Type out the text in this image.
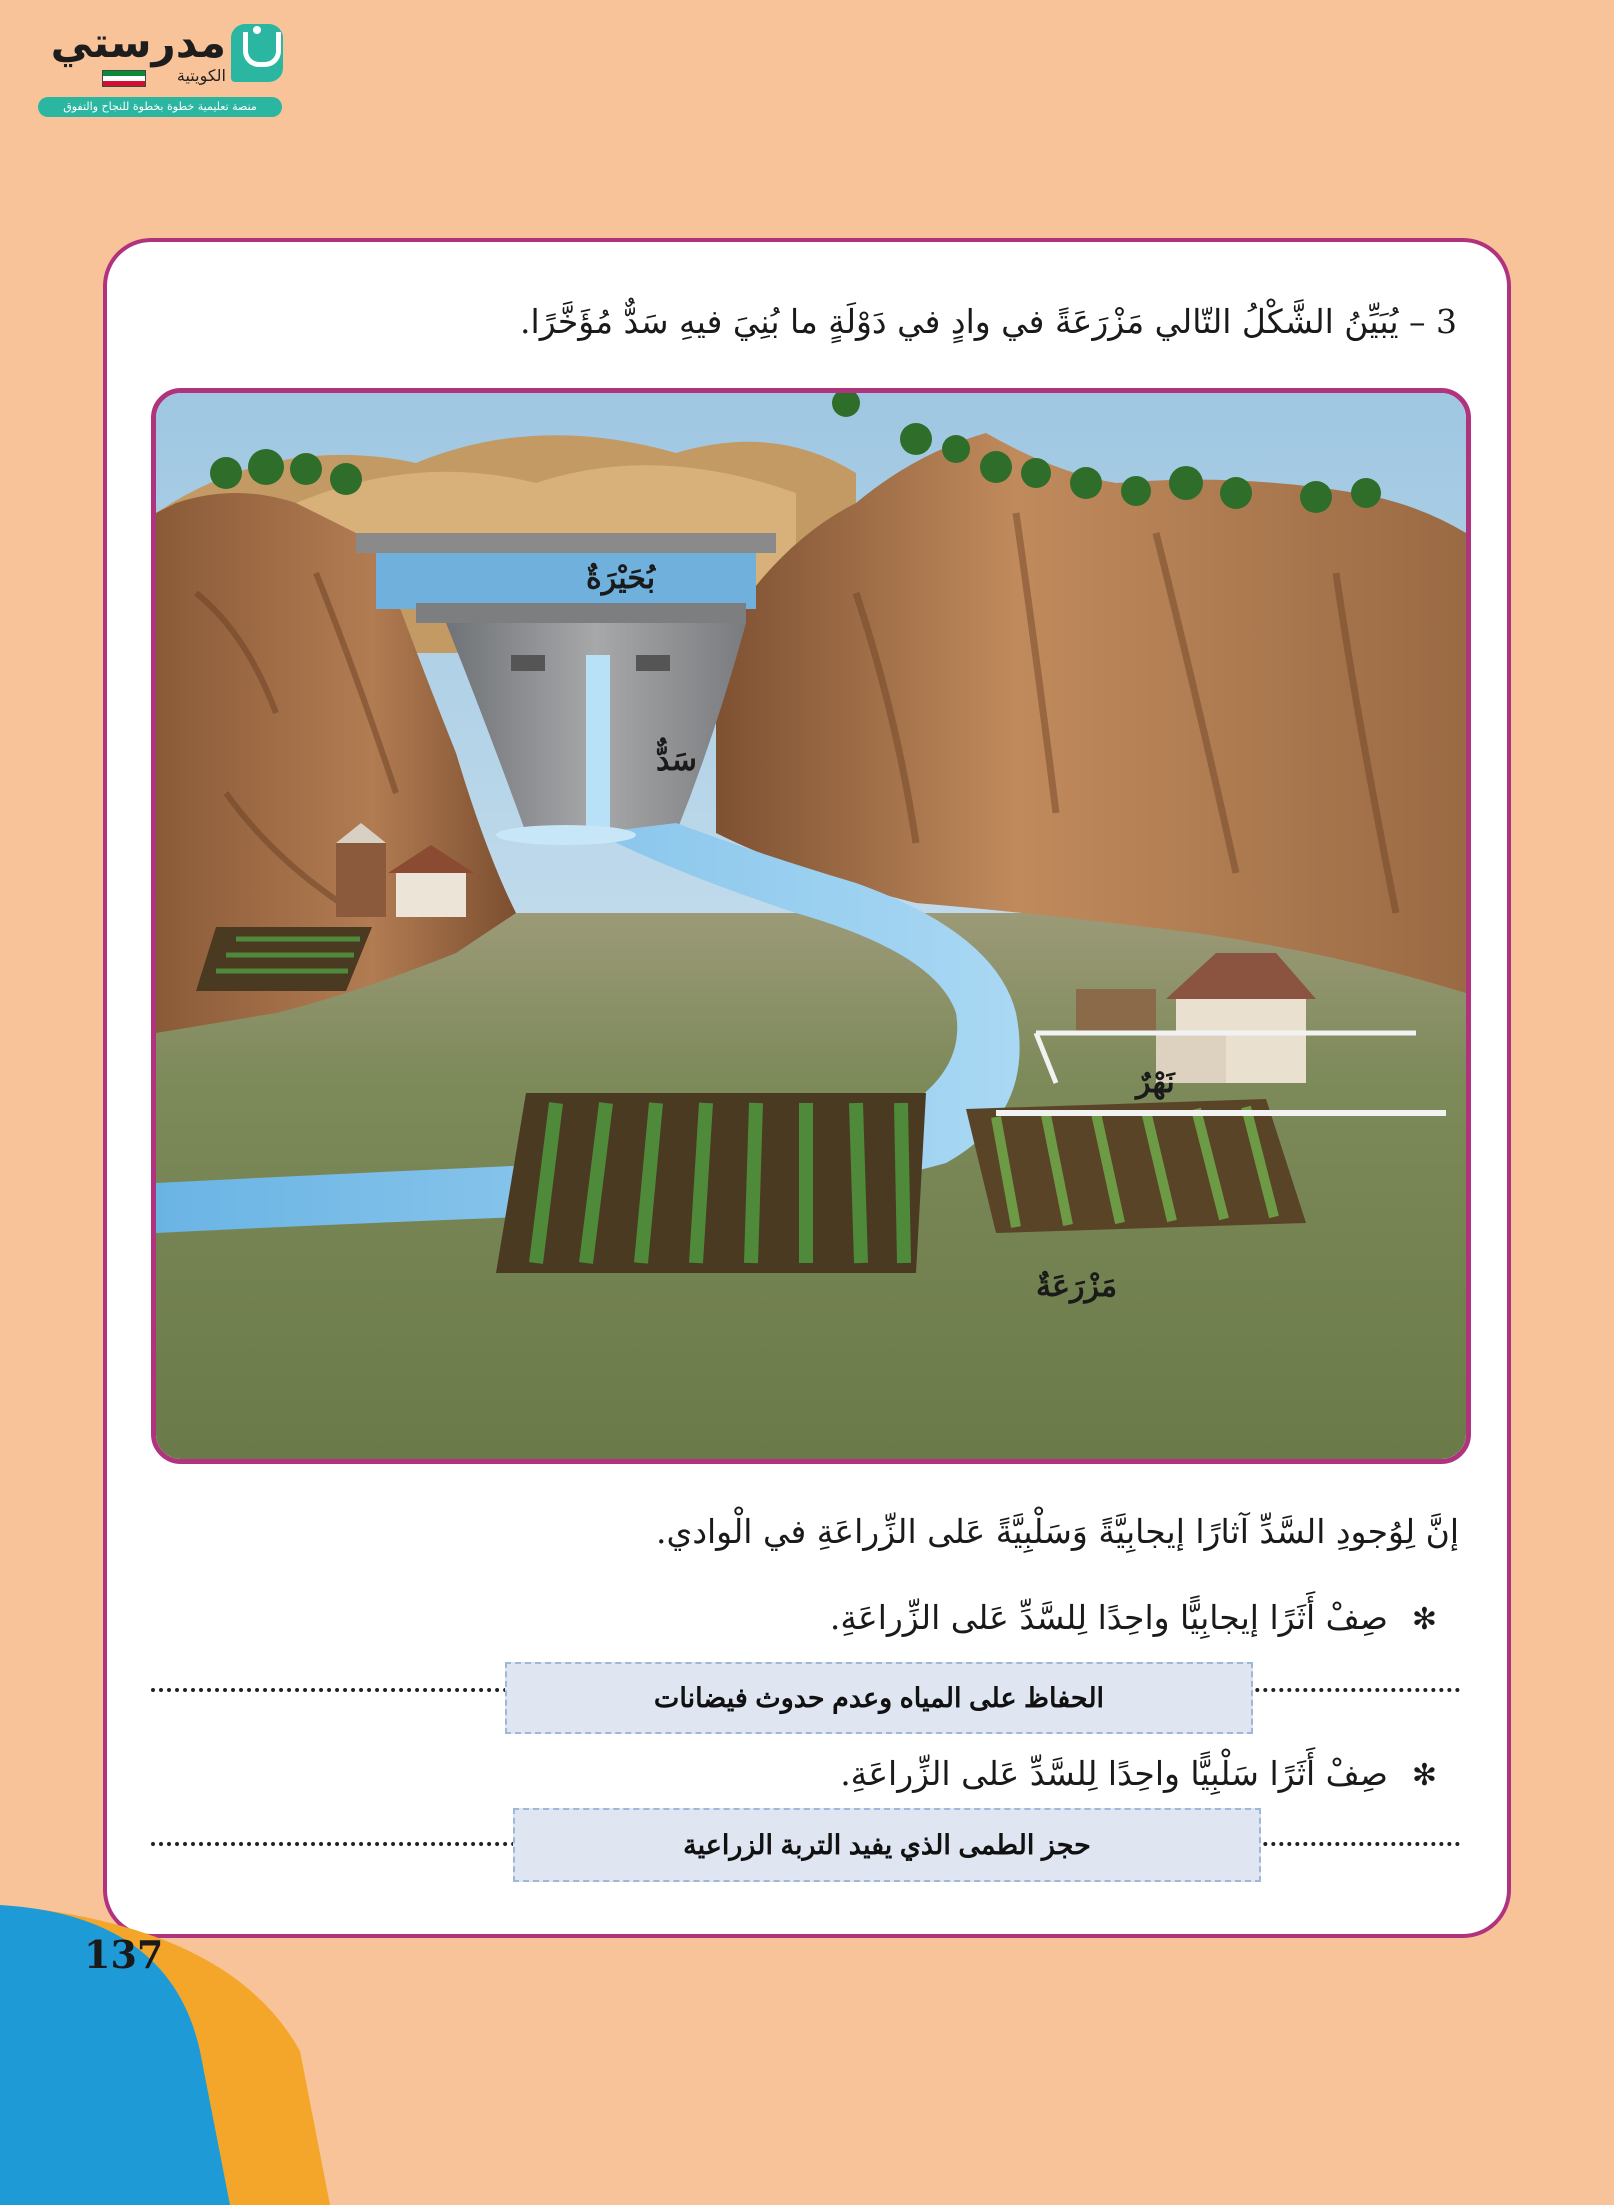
مدرستي
الكويتية
منصة تعليمية خطوة بخطوة للنجاح والتفوق
3 – يُبَيِّنُ الشَّكْلُ التّالي مَزْرَعَةً في وادٍ في دَوْلَةٍ ما بُنِيَ فيهِ سَدٌّ مُؤَخَّرًا.
بُحَيْرَةٌ
سَدٌّ
نَهْرٌ
مَزْرَعَةٌ
إنَّ لِوُجودِ السَّدِّ آثارًا إيجابِيَّةً وَسَلْبِيَّةً عَلى الزِّراعَةِ في الْوادي.
✻صِفْ أَثَرًا إيجابِيًّا واحِدًا لِلسَّدِّ عَلى الزِّراعَةِ.
الحفاظ على المياه وعدم حدوث فيضانات
✻صِفْ أَثَرًا سَلْبِيًّا واحِدًا لِلسَّدِّ عَلى الزِّراعَةِ.
حجز الطمى الذي يفيد التربة الزراعية
137
